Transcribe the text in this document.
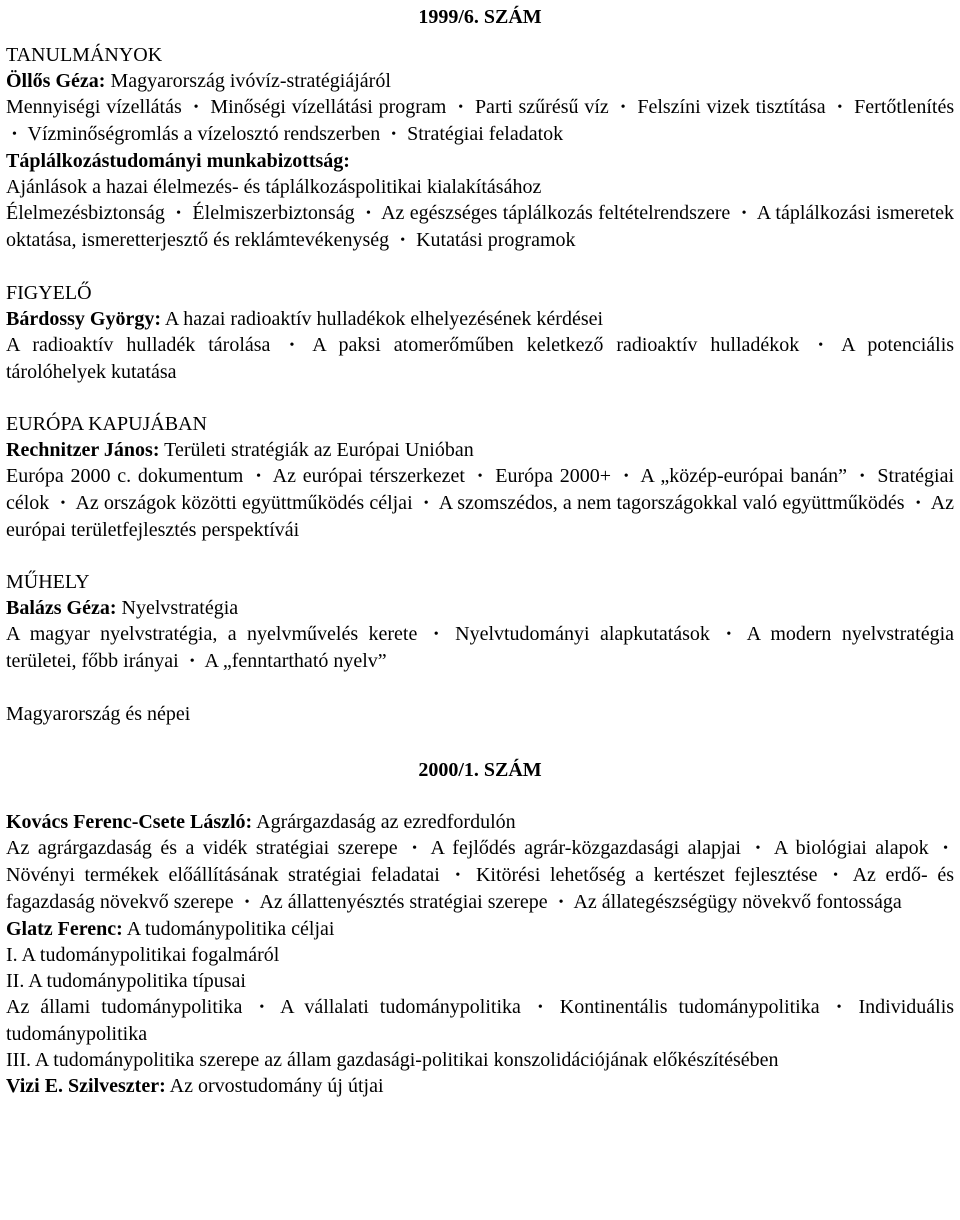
1999/6. SZÁM

TANULMÁNYOK

Öllős Géza: Magyarország ivóvíz-stratégiájáról

Mennyiségi vízellátás • Minőségi vízellátási program • Parti szűrésű víz • Felszíni vizek tisztítása • Fertőtlenítés • Vízminőségromlás a vízelosztó rendszerben • Stratégiai feladatok

Táplálkozástudományi munkabizottság:

Ajánlások a hazai élelmezés- és táplálkozáspolitikai kialakításához

Élelmezésbiztonság • Élelmiszerbiztonság • Az egészséges táplálkozás feltételrendszere • A táplálkozási ismeretek oktatása, ismeretterjesztő és reklámtevékenység • Kutatási programok

FIGYELŐ

Bárdossy György: A hazai radioaktív hulladékok elhelyezésének kérdései

A radioaktív hulladék tárolása • A paksi atomerőműben keletkező radioaktív hulladékok • A potenciális tárolóhelyek kutatása

EURÓPA KAPUJÁBAN

Rechnitzer János: Területi stratégiák az Európai Unióban

Európa 2000 c. dokumentum • Az európai térszerkezet • Európa 2000+ • A „közép-európai banán” • Stratégiai célok • Az országok közötti együttműködés céljai • A szomszédos, a nem tagországokkal való együttműködés • Az európai területfejlesztés perspektívái

MŰHELY

Balázs Géza: Nyelvstratégia

A magyar nyelvstratégia, a nyelvművelés kerete • Nyelvtudományi alapkutatások • A modern nyelvstratégia területei, főbb irányai • A „fenntartható nyelv”

Magyarország és népei

2000/1. SZÁM

Kovács Ferenc-Csete László: Agrárgazdaság az ezredfordulón

Az agrárgazdaság és a vidék stratégiai szerepe • A fejlődés agrár-közgazdasági alapjai • A biológiai alapok • Növényi termékek előállításának stratégiai feladatai • Kitörési lehetőség a kertészet fejlesztése • Az erdő- és fagazdaság növekvő szerepe • Az állattenyésztés stratégiai szerepe • Az állategészségügy növekvő fontossága

Glatz Ferenc: A tudománypolitika céljai

I. A tudománypolitikai fogalmáról

II. A tudománypolitika típusai

Az állami tudománypolitika • A vállalati tudománypolitika • Kontinentális tudománypolitika • Individuális tudománypolitika

III. A tudománypolitika szerepe az állam gazdasági-politikai konszolidációjának előkészítésében

Vizi E. Szilveszter: Az orvostudomány új útjai
